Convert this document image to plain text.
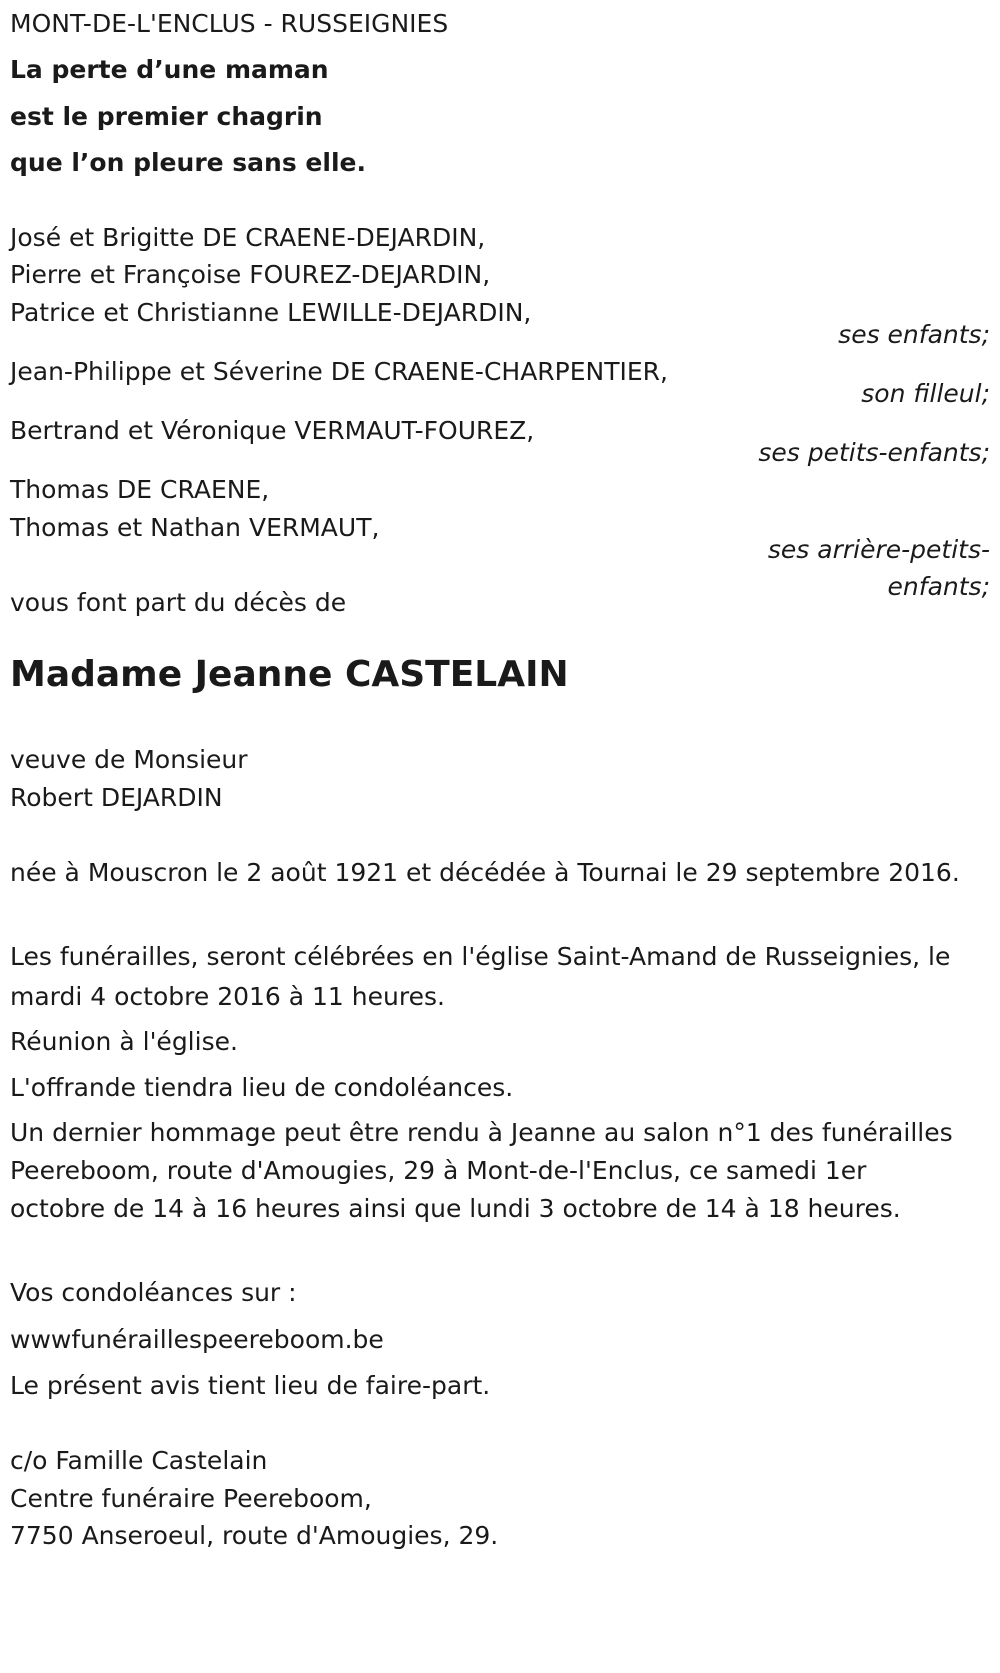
MONT-DE-L'ENCLUS - RUSSEIGNIES
La perte d’une maman
est le premier chagrin
que l’on pleure sans elle.
José et Brigitte DE CRAENE-DEJARDIN,
Pierre et Françoise FOUREZ-DEJARDIN,
Patrice et Christianne LEWILLE-DEJARDIN,
ses enfants;
Jean-Philippe et Séverine DE CRAENE-CHARPENTIER,
son filleul;
Bertrand et Véronique VERMAUT-FOUREZ,
ses petits-enfants;
Thomas DE CRAENE,
Thomas et Nathan VERMAUT,
ses arrière-petits-
enfants;
vous font part du décès de
Madame Jeanne CASTELAIN
veuve de Monsieur
Robert DEJARDIN
née à Mouscron le 2 août 1921 et décédée à Tournai le 29 septembre 2016.
Les funérailles, seront célébrées en l'église Saint-Amand de Russeignies, le mardi 4 octobre 2016 à 11 heures.
Réunion à l'église.
L'offrande tiendra lieu de condoléances.
Un dernier hommage peut être rendu à Jeanne au salon n°1 des funérailles Peereboom, route d'Amougies, 29 à Mont-de-l'Enclus, ce samedi 1er octobre de 14 à 16 heures ainsi que lundi 3 octobre de 14 à 18 heures.
Vos condoléances sur :
wwwfunéraillespeereboom.be
Le présent avis tient lieu de faire-part.
c/o Famille Castelain
Centre funéraire Peereboom,
7750 Anseroeul, route d'Amougies, 29.
